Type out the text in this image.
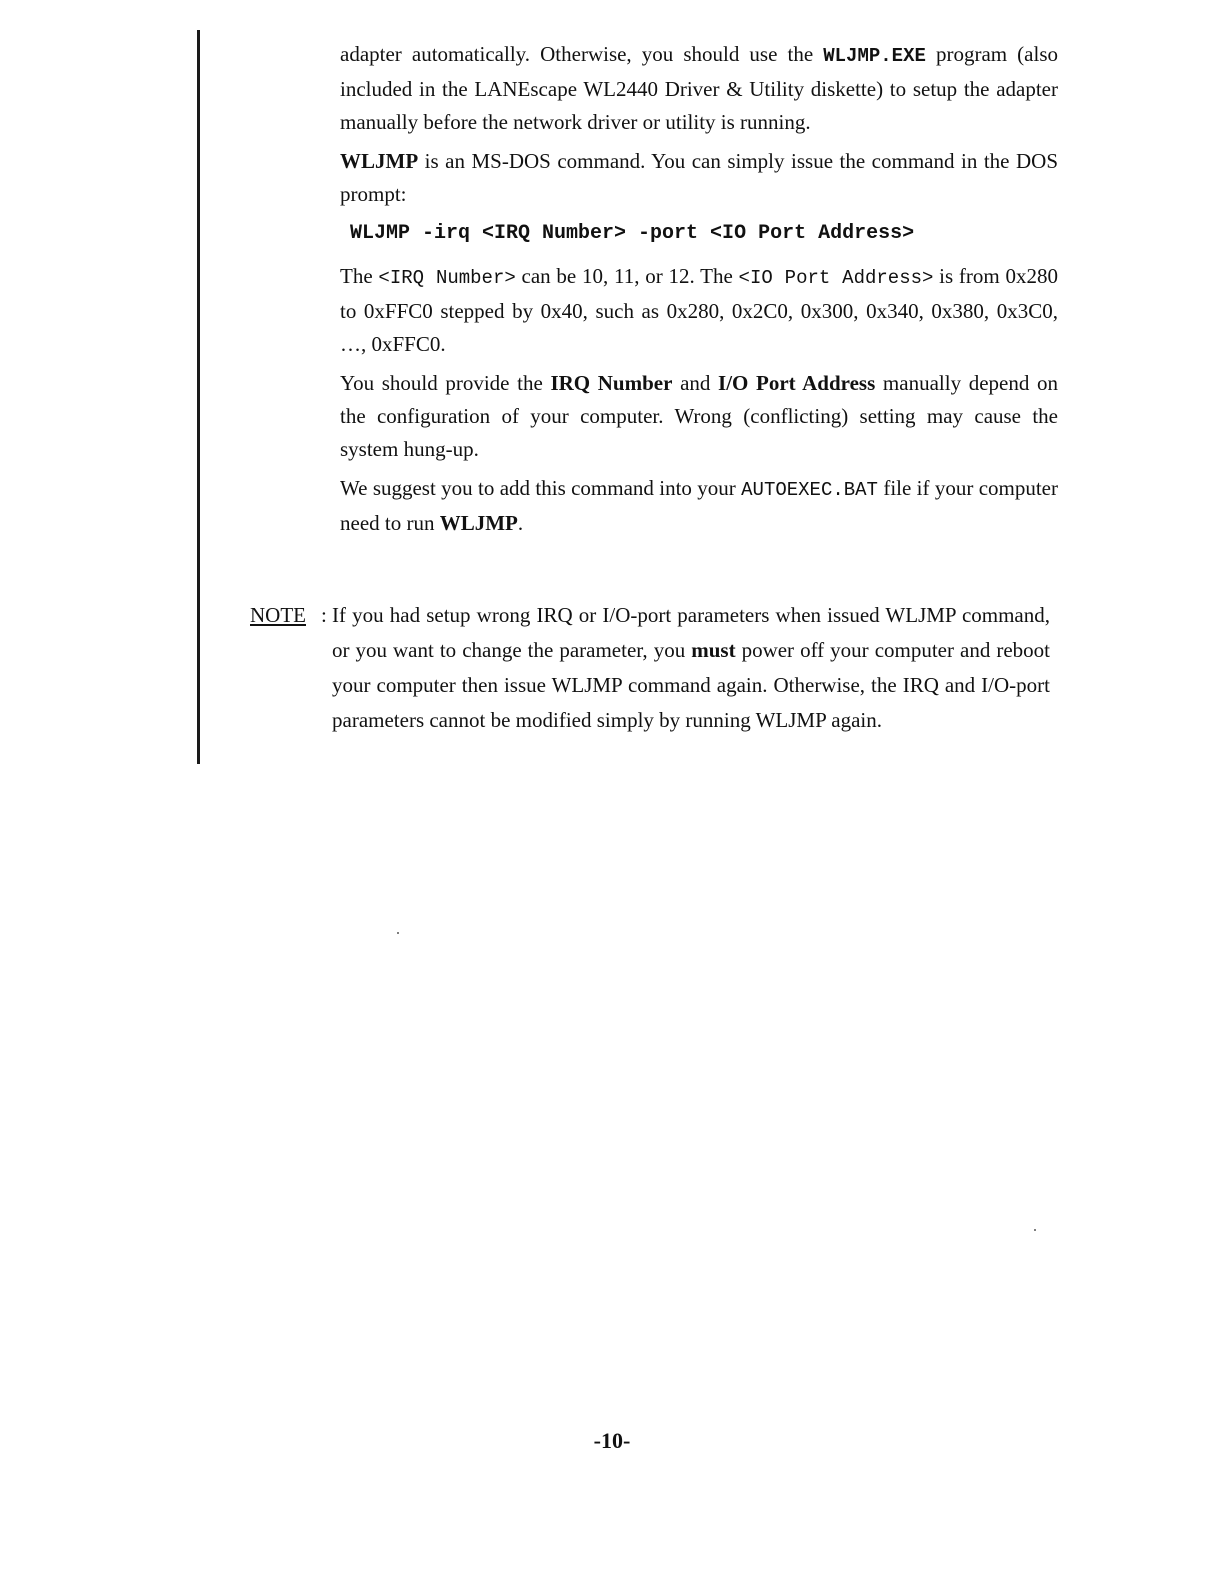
adapter automatically. Otherwise, you should use the WLJMP.EXE program (also included in the LANEscape WL2440 Driver & Utility diskette) to setup the adapter manually before the network driver or utility is running.

WLJMP is an MS-DOS command. You can simply issue the command in the DOS prompt:

WLJMP -irq <IRQ Number> -port <IO Port Address>

The <IRQ Number> can be 10, 11, or 12. The <IO Port Address> is from 0x280 to 0xFFC0 stepped by 0x40, such as 0x280, 0x2C0, 0x300, 0x340, 0x380, 0x3C0, …, 0xFFC0.

You should provide the IRQ Number and I/O Port Address manually depend on the configuration of your computer. Wrong (conflicting) setting may cause the system hung-up.

We suggest you to add this command into your AUTOEXEC.BAT file if your computer need to run WLJMP.

NOTE : If you had setup wrong IRQ or I/O-port parameters when issued WLJMP command, or you want to change the parameter, you must power off your computer and reboot your computer then issue WLJMP command again. Otherwise, the IRQ and I/O-port parameters cannot be modified simply by running WLJMP again.
-10-
